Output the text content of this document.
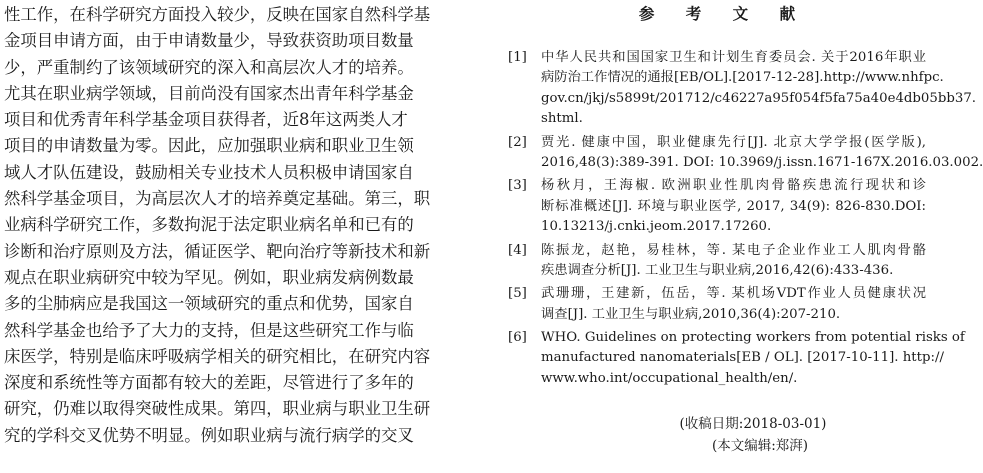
性工作，在科学研究方面投入较少，反映在国家自然科学基
金项目申请方面，由于申请数量少，导致获资助项目数量
少，严重制约了该领域研究的深入和高层次人才的培养。
尤其在职业病学领域，目前尚没有国家杰出青年科学基金
项目和优秀青年科学基金项目获得者，近8年这两类人才
项目的申请数量为零。因此，应加强职业病和职业卫生领
域人才队伍建设，鼓励相关专业技术人员积极申请国家自
然科学基金项目，为高层次人才的培养奠定基础。第三，职
业病科学研究工作，多数拘泥于法定职业病名单和已有的
诊断和治疗原则及方法，循证医学、靶向治疗等新技术和新
观点在职业病研究中较为罕见。例如，职业病发病例数最
多的尘肺病应是我国这一领域研究的重点和优势，国家自
然科学基金也给予了大力的支持，但是这些研究工作与临
床医学，特别是临床呼吸病学相关的研究相比，在研究内容
深度和系统性等方面都有较大的差距，尽管进行了多年的
研究，仍难以取得突破性成果。第四，职业病与职业卫生研
究的学科交叉优势不明显。例如职业病与流行病学的交叉
参 考 文 献
[1] 中华人民共和国国家卫生和计划生育委员会. 关于2016年职业
病防治工作情况的通报[EB/OL].[2017-12-28].http://www.nhfpc.
gov.cn/jkj/s5899t/201712/c46227a95f054f5fa75a40e4db05bb37.
shtml.
[2] 贾光. 健康中国，职业健康先行[J]. 北京大学学报(医学版),
2016,48(3):389-391. DOI: 10.3969/j.issn.1671-167X.2016.03.002.
[3] 杨秋月，王海椒. 欧洲职业性肌肉骨骼疾患流行现状和诊
断标准概述[J]. 环境与职业医学, 2017, 34(9): 826-830.DOI:
10.13213/j.cnki.jeom.2017.17260.
[4] 陈振龙，赵艳，易桂林，等. 某电子企业作业工人肌肉骨骼
疾患调查分析[J]. 工业卫生与职业病,2016,42(6):433-436.
[5] 武珊珊，王建新，伍岳，等. 某机场VDT作业人员健康状况
调查[J]. 工业卫生与职业病,2010,36(4):207-210.
[6] WHO. Guidelines on protecting workers from potential risks of
manufactured nanomaterials[EB / OL]. [2017-10-11]. http://
www.who.int/occupational_health/en/.
(收稿日期:2018-03-01)
(本文编辑:郑湃)
